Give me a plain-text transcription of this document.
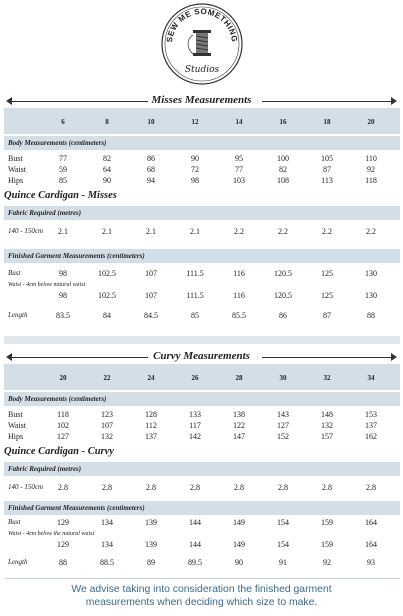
SEW ME SOMETHING
Studios
Misses Measurements
6	8	10	12	14	16	18	20
Body Measurements (centimeters)
Bust	77	82	86	90	95	100	105	110
Waist	59	64	68	72	77	82	87	92
Hips	85	90	94	98	103	108	113	118
Quince Cardigan - Misses
Fabric Required (metres)
140 - 150cm	2.1	2.1	2.1	2.1	2.2	2.2	2.2	2.2
Finished Garment Measurements (centimeters)
Bust	98	102.5	107	111.5	116	120.5	125	130
Waist - 4cm below natural waist
98	102.5	107	111.5	116	120.5	125	130
Length	83.5	84	84.5	85	85.5	86	87	88
Curvy Measurements
20	22	24	26	28	30	32	34
Body Measurements (centimeters)
Bust	118	123	128	133	138	143	148	153
Waist	102	107	112	117	122	127	132	137
Hips	127	132	137	142	147	152	157	162
Quince Cardigan - Curvy
Fabric Required (metres)
140 - 150cm	2.8	2.8	2.8	2.8	2.8	2.8	2.8	2.8
Finished Garment Measurements (centimeters)
Bust	129	134	139	144	149	154	159	164
Waist - 4cm below the natural waist
129	134	139	144	149	154	159	164
Length	88	88.5	89	89.5	90	91	92	93
We advise taking into consideration the finished garment
measurements when deciding which size to make.
